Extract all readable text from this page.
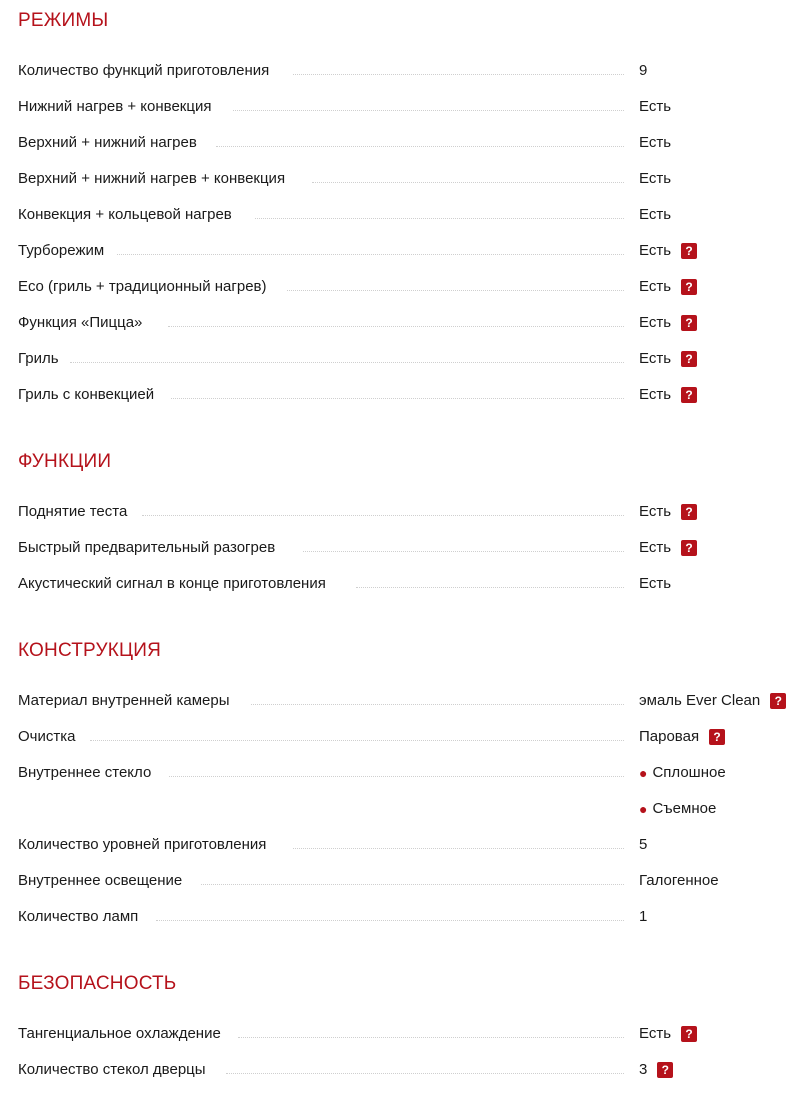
РЕЖИМЫ
Количество функций приготовления	9
Нижний нагрев + конвекция	Есть
Верхний + нижний нагрев	Есть
Верхний + нижний нагрев + конвекция	Есть
Конвекция + кольцевой нагрев	Есть
Турборежим	Есть	?
Eco (гриль + традиционный нагрев)	Есть	?
Функция «Пицца»	Есть	?
Гриль	Есть	?
Гриль с конвекцией	Есть	?
ФУНКЦИИ
Поднятие теста	Есть	?
Быстрый предварительный разогрев	Есть	?
Акустический сигнал в конце приготовления	Есть
КОНСТРУКЦИЯ
Материал внутренней камеры	эмаль Ever Clean	?
Очистка	Паровая	?
Внутреннее стекло	● Сплошное
● Съемное
Количество уровней приготовления	5
Внутреннее освещение	Галогенное
Количество ламп	1
БЕЗОПАСНОСТЬ
Тангенциальное охлаждение	Есть	?
Количество стекол дверцы	3	?
